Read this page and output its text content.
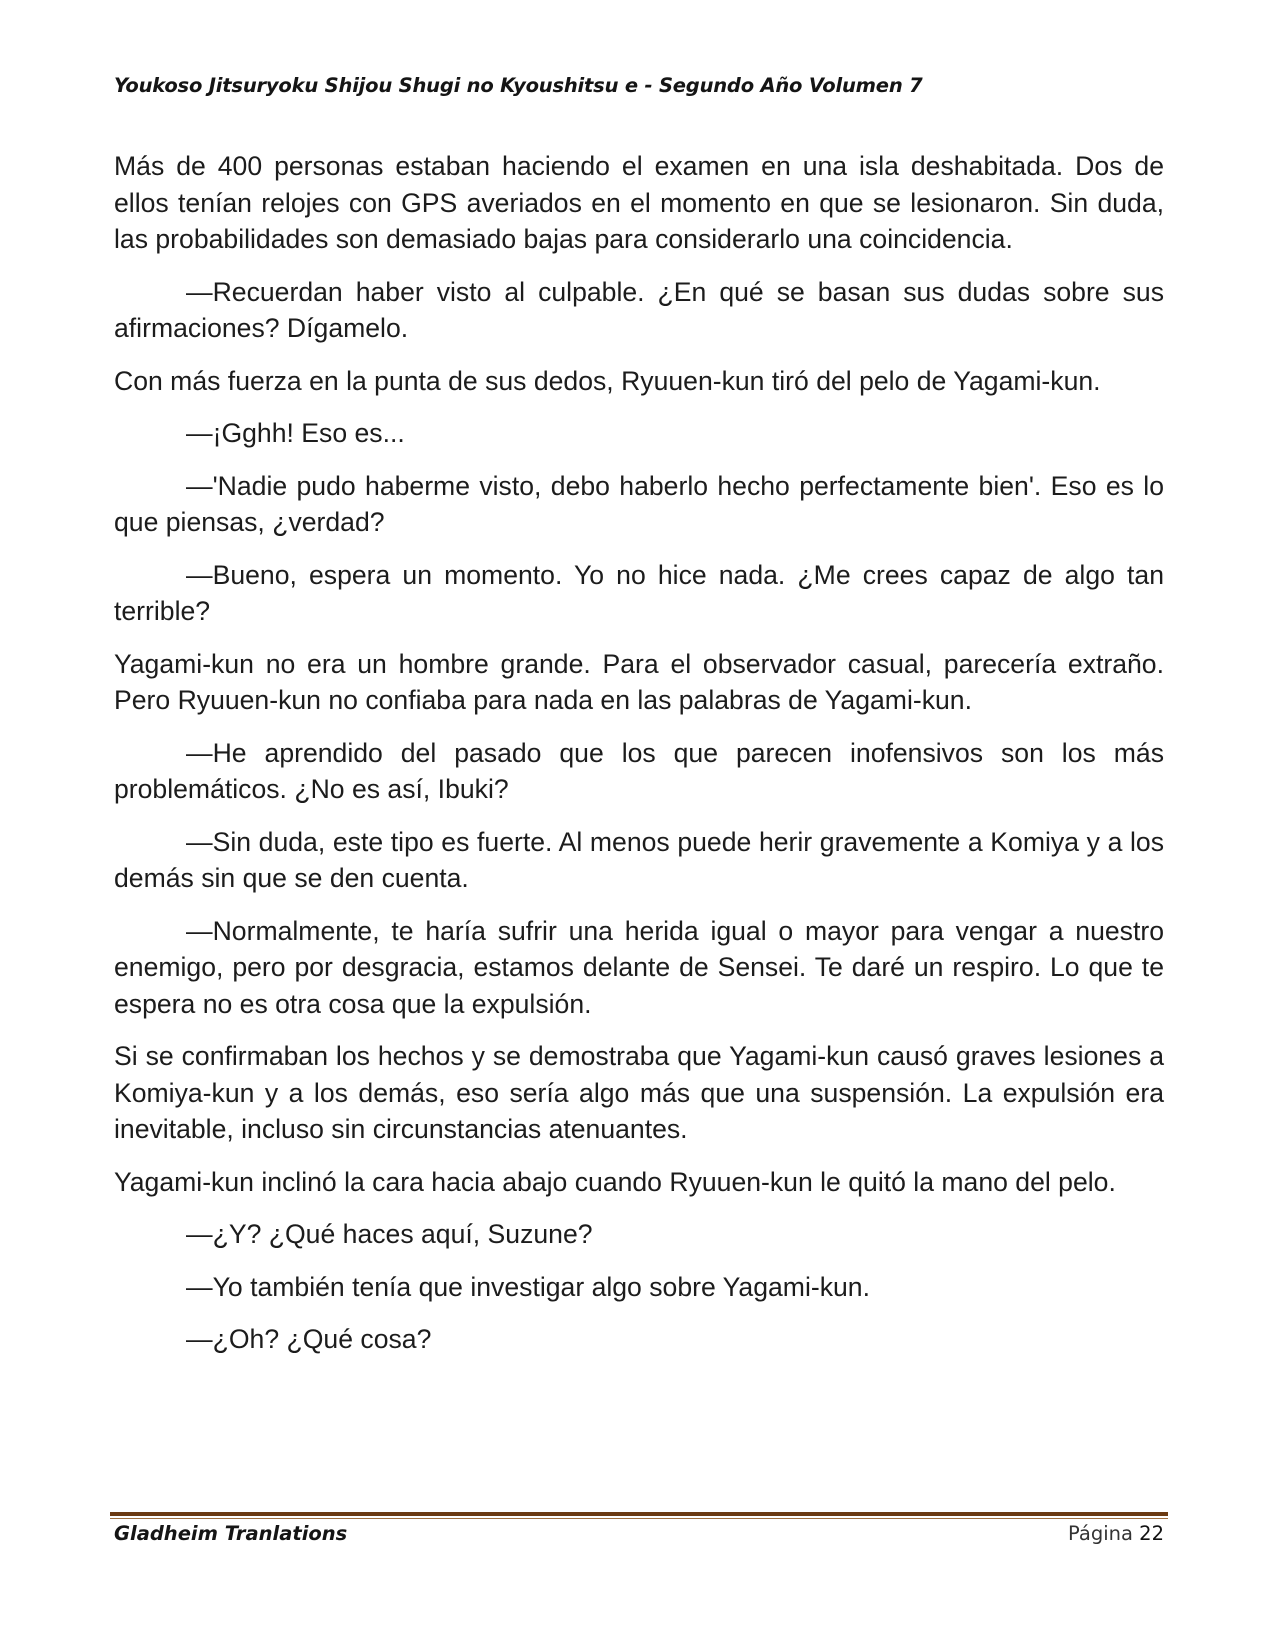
Youkoso Jitsuryoku Shijou Shugi no Kyoushitsu e - Segundo Año Volumen 7

Más de 400 personas estaban haciendo el examen en una isla deshabitada. Dos de ellos tenían relojes con GPS averiados en el momento en que se lesionaron. Sin duda, las probabilidades son demasiado bajas para considerarlo una coincidencia.

—Recuerdan haber visto al culpable. ¿En qué se basan sus dudas sobre sus afirmaciones? Dígamelo.

Con más fuerza en la punta de sus dedos, Ryuuen-kun tiró del pelo de Yagami-kun.

—¡Gghh! Eso es...

—'Nadie pudo haberme visto, debo haberlo hecho perfectamente bien'. Eso es lo que piensas, ¿verdad?

—Bueno, espera un momento. Yo no hice nada. ¿Me crees capaz de algo tan terrible?

Yagami-kun no era un hombre grande. Para el observador casual, parecería extraño. Pero Ryuuen-kun no confiaba para nada en las palabras de Yagami-kun.

—He aprendido del pasado que los que parecen inofensivos son los más problemáticos. ¿No es así, Ibuki?

—Sin duda, este tipo es fuerte. Al menos puede herir gravemente a Komiya y a los demás sin que se den cuenta.

—Normalmente, te haría sufrir una herida igual o mayor para vengar a nuestro enemigo, pero por desgracia, estamos delante de Sensei. Te daré un respiro. Lo que te espera no es otra cosa que la expulsión.

Si se confirmaban los hechos y se demostraba que Yagami-kun causó graves lesiones a Komiya-kun y a los demás, eso sería algo más que una suspensión. La expulsión era inevitable, incluso sin circunstancias atenuantes.

Yagami-kun inclinó la cara hacia abajo cuando Ryuuen-kun le quitó la mano del pelo.

—¿Y? ¿Qué haces aquí, Suzune?

—Yo también tenía que investigar algo sobre Yagami-kun.

—¿Oh? ¿Qué cosa?

Gladheim Tranlations	Página 22
